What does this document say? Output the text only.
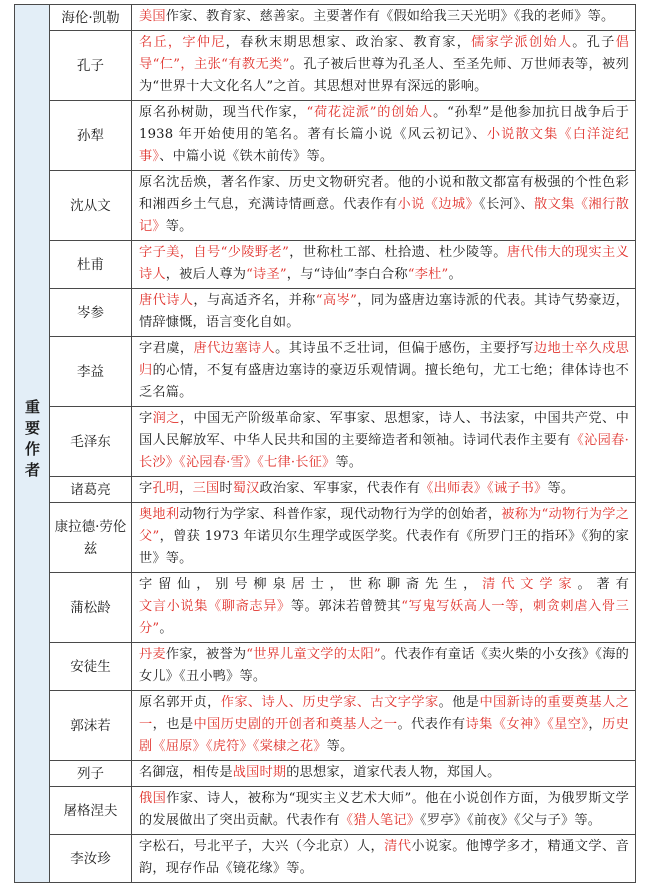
重要作者	海伦·凯勒	美国作家、教育家、慈善家。主要著作有《假如给我三天光明》《我的老师》等。
	孔子	名丘，字仲尼，春秋末期思想家、政治家、教育家，儒家学派创始人。孔子倡导“仁”，主张“有教无类”。孔子被后世尊为孔圣人、至圣先师、万世师表等，被列为“世界十大文化名人”之首。其思想对世界有深远的影响。
	孙犁	原名孙树勋，现当代作家，“荷花淀派”的创始人。“孙犁”是他参加抗日战争后于 1938 年开始使用的笔名。著有长篇小说《风云初记》、小说散文集《白洋淀纪事》、中篇小说《铁木前传》等。
	沈从文	原名沈岳焕，著名作家、历史文物研究者。他的小说和散文都富有极强的个性色彩和湘西乡土气息，充满诗情画意。代表作有小说《边城》《长河》、散文集《湘行散记》等。
	杜甫	字子美，自号“少陵野老”，世称杜工部、杜拾遗、杜少陵等。唐代伟大的现实主义诗人，被后人尊为“诗圣”，与“诗仙”李白合称“李杜”。
	岑参	唐代诗人，与高适齐名，并称“高岑”，同为盛唐边塞诗派的代表。其诗气势豪迈，情辞慷慨，语言变化自如。
	李益	字君虞，唐代边塞诗人。其诗虽不乏壮词，但偏于感伤，主要抒写边地士卒久戍思归的心情，不复有盛唐边塞诗的豪迈乐观情调。擅长绝句，尤工七绝；律体诗也不乏名篇。
	毛泽东	字润之，中国无产阶级革命家、军事家、思想家，诗人、书法家，中国共产党、中国人民解放军、中华人民共和国的主要缔造者和领袖。诗词代表作主要有《沁园春·长沙》《沁园春·雪》《七律·长征》等。
	诸葛亮	字孔明，三国时蜀汉政治家、军事家，代表作有《出师表》《诫子书》等。
	康拉德·劳伦兹	奥地利动物行为学家、科普作家，现代动物行为学的创始者，被称为“动物行为学之父”，曾获 1973 年诺贝尔生理学或医学奖。代表作有《所罗门王的指环》《狗的家世》等。
	蒲松龄	字留仙，别号柳泉居士，世称聊斋先生，清代文学家。著有文言小说集《聊斋志异》等。郭沫若曾赞其“写鬼写妖高人一等，刺贪刺虐入骨三分”。
	安徒生	丹麦作家，被誉为“世界儿童文学的太阳”。代表作有童话《卖火柴的小女孩》《海的女儿》《丑小鸭》等。
	郭沫若	原名郭开贞，作家、诗人、历史学家、古文字学家。他是中国新诗的重要奠基人之一，也是中国历史剧的开创者和奠基人之一。代表作有诗集《女神》《星空》，历史剧《屈原》《虎符》《棠棣之花》等。
	列子	名御寇，相传是战国时期的思想家，道家代表人物，郑国人。
	屠格涅夫	俄国作家、诗人，被称为“现实主义艺术大师”。他在小说创作方面，为俄罗斯文学的发展做出了突出贡献。代表作有《猎人笔记》《罗亭》《前夜》《父与子》等。
	李汝珍	字松石，号北平子，大兴（今北京）人，清代小说家。他博学多才，精通文学、音韵，现存作品《镜花缘》等。
